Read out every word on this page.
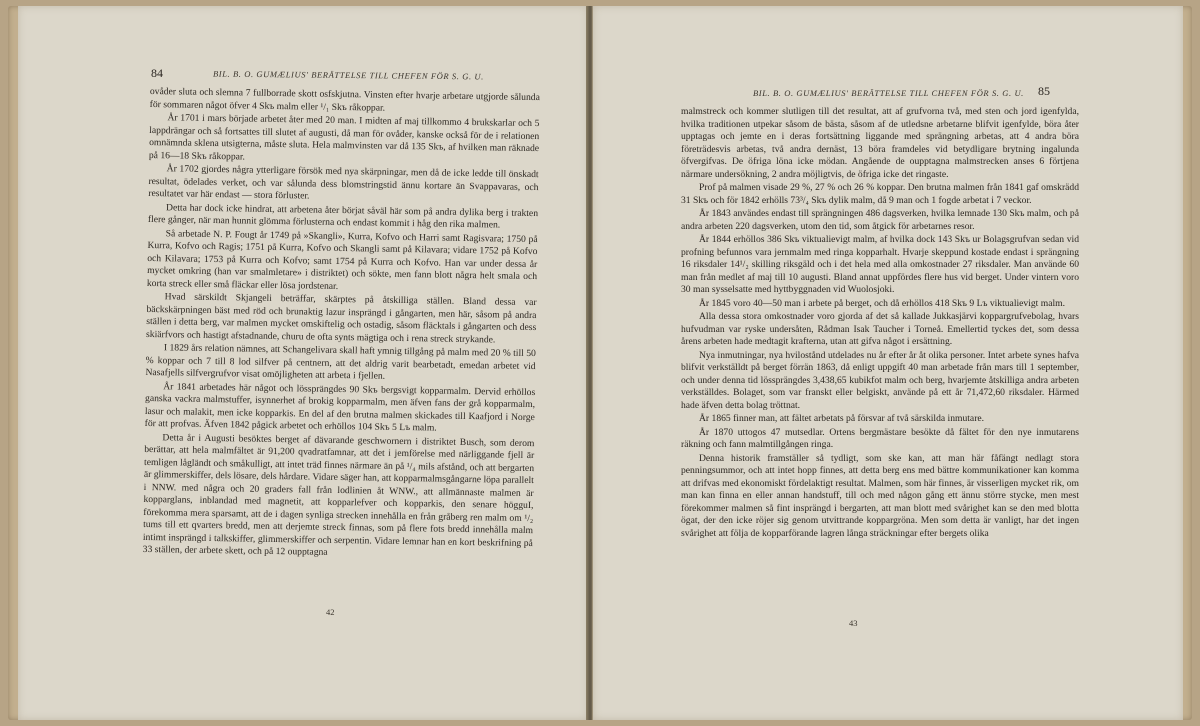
84	BIL. B. O. GUMÆLIUS' BERÄTTELSE TILL CHEFEN FÖR S. G. U.

ovåder sluta och slemna 7 fullborrade skott osfskjutna. Vinsten efter hvarje arbetare utgjorde sålunda för sommaren något öfver 4 Skъ malm eller ¹/₁ Skъ råkoppar.

År 1701 i mars började arbetet åter med 20 man. I midten af maj tillkommo 4 brukskarlar och 5 lappdrängar och så fortsattes till slutet af augusti, då man för ovåder, kanske också för de i relationen omnämnda sklena utsigterna, måste sluta. Hela malmvinsten var då 135 Skъ, af hvilken man räknade på 16—18 Skъ råkoppar.

År 1702 gjordes några ytterligare försök med nya skärpningar, men då de icke ledde till önskadt resultat, ödelades verket, och var sålunda dess blomstringstid ännu kortare än Svappavaras, och resultatet var här endast — stora förluster.

Detta har dock icke hindrat, att arbetena åter börjat såväl här som på andra dylika berg i trakten flere gånger, när man hunnit glömma förlusterna och endast kommit i håg den rika malmen.

Så arbetade N. P. Fougt år 1749 på »Skangli», Kurra, Kofvo och Harri samt Ragisvara; 1750 på Kurra, Kofvo och Ragis; 1751 på Kurra, Kofvo och Skangli samt på Kilavara; vidare 1752 på Kofvo och Kilavara; 1753 på Kurra och Kofvo; samt 1754 på Kurra och Kofvo. Han var under dessa år mycket omkring (han var smalmletare» i distriktet) och sökte, men fann blott några helt smala och korta streck eller små fläckar eller lösa jordstenar.

Hvad särskildt Skjangeli beträffar, skärptes på åtskilliga ställen. Bland dessa var bäckskärpningen bäst med röd och brunaktig lazur insprängd i gångarten, men här, såsom på andra ställen i detta berg, var malmen mycket omskiftelig och ostadig, såsom fläcktals i gångarten och dess skiärfvors och hastigt afstadnande, churu de ofta synts mägtiga och i rena streck strykande.

I 1829 års relation nämnes, att Schangelivara skall haft ymnig tillgång på malm med 20 % till 50 % koppar och 7 till 8 lod silfver på centnern, att det aldrig varit bearbetadt, emedan arbetet vid Nasafjells silfvergrufvor visat omöjligheten att arbeta i fjellen.

År 1841 arbetades här något och lössprängdes 90 Skъ bergsvigt kopparmalm. Dervid erhöllos ganska vackra malmstuffer, isynnerhet af brokig kopparmalm, men äfven fans der grå kopparmalm, lasur och malakit, men icke kopparkis. En del af den brutna malmen skickades till Kaafjord i Norge för att profvas. Äfven 1842 pågick arbetet och erhöllos 104 Skъ 5 Lъ malm.

Detta år i Augusti besöktes berget af dävarande geschwornern i distriktet Busch, som derom berättar, att hela malmfältet är 91,200 qvadratfamnar, att det i jemförelse med närliggande fjell är temligen lågländt och småkulligt, att intet träd finnes närmare än på ¹/₄ mils afstånd, och att bergarten är glimmerskiffer, dels lösare, dels hårdare. Vidare säger han, att kopparmalmsgångarne löpa parallelt i NNW. med några och 20 graders fall från lodlinien åt WNW., att allmännaste malmen är kopparglans, inblandad med magnetit, att kopparlefver och kopparkis, den senare högguI, förekomma mera sparsamt, att de i dagen synliga strecken innehålla en från gråberg ren malm om ¹/₂ tums till ett qvarters bredd, men att derjemte streck finnas, som på flere fots bredd innehålla malm intimt insprängd i talkskiffer, glimmerskiffer och serpentin. Vidare lemnar han en kort beskrifning på 33 ställen, der arbete skett, och på 12 oupptagna

42
BIL. B. O. GUMÆLIUS' BERÄTTELSE TILL CHEFEN FÖR S. G. U. 85

malmstreck och kommer slutligen till det resultat, att af grufvorna två, med sten och jord igenfylda, hvilka traditionen utpekar såsom de bästa, såsom af de utledsne arbetarne blifvit igenfylde, böra åter upptagas och jemte en i deras fortsättning liggande med sprängning arbetas, att 4 andra böra företrädesvis arbetas, två andra dernäst, 13 böra framdeles vid betydligare brytning ingalunda öfvergifvas. De öfriga löna icke mödan. Angående de oupptagna malmstrecken anses 6 förtjena närmare undersökning, 2 andra möjligtvis, de öfriga icke det ringaste.

Prof på malmen visade 29 %, 27 % och 26 % koppar. Den brutna malmen från 1841 gaf omskrädd 31 Skъ och för 1842 erhölls 73³/₄ Skъ dylik malm, då 9 man och 1 fogde arbetat i 7 veckor.

År 1843 användes endast till sprängningen 486 dagsverken, hvilka lemnade 130 Skъ malm, och på andra arbeten 220 dagsverken, utom den tid, som åtgick för arbetarnes resor.

År 1844 erhöllos 386 Skъ viktualievigt malm, af hvilka dock 143 Skъ ur Bolagsgrufvan sedan vid profning befunnos vara jernmalm med ringa kopparhalt. Hvarje skeppund kostade endast i sprängning 16 riksdaler 14¹/₂ skilling riksgäld och i det hela med alla omkostnader 27 riksdaler. Man använde 60 man från medlet af maj till 10 augusti. Bland annat uppfördes flere hus vid berget. Under vintern voro 30 man sysselsatte med hyttbyggnaden vid Wuolosjoki.

År 1845 voro 40—50 man i arbete på berget, och då erhöllos 418 Skъ 9 Lъ viktualievigt malm.

Alla dessa stora omkostnader voro gjorda af det så kallade Jukkasjärvi koppargrufvebolag, hvars hufvudman var ryske undersåten, Rådman Isak Taucher i Torneå. Emellertid tyckes det, som dessa årens arbeten hade medtagit krafterna, utan att gifva något i ersättning.

Nya inmutningar, nya hvilostånd utdelades nu år efter år åt olika personer. Intet arbete synes hafva blifvit verkställdt på berget förrän 1863, då enligt uppgift 40 man arbetade från mars till 1 september, och under denna tid lössprängdes 3,438,65 kubikfot malm och berg, hvarjemte åtskilliga andra arbeten verkställdes. Bolaget, som var franskt eller belgiskt, använde på ett år 71,472,60 riksdaler. Härmed hade äfven detta bolag tröttnat.

År 1865 finner man, att fältet arbetats på försvar af två särskilda inmutare.

År 1870 uttogos 47 mutsedlar. Ortens bergmästare besökte då fältet för den nye inmutarens räkning och fann malmtillgången ringa.

Denna historik framställer så tydligt, som ske kan, att man här fåfängt nedlagt stora penningsummor, och att intet hopp finnes, att detta berg ens med bättre kommunikationer kan komma att drifvas med ekonomiskt fördelaktigt resultat. Malmen, som här finnes, är visserligen mycket rik, om man kan finna en eller annan handstuff, till och med någon gång ett ännu större stycke, men mest förekommer malmen så fint insprängd i bergarten, att man blott med svårighet kan se den med blotta ögat, der den icke röjer sig genom utvittrande koppargröna. Men som detta är vanligt, har det ingen svårighet att följa de kopparförande lagren långa sträckningar efter bergets olika

43
